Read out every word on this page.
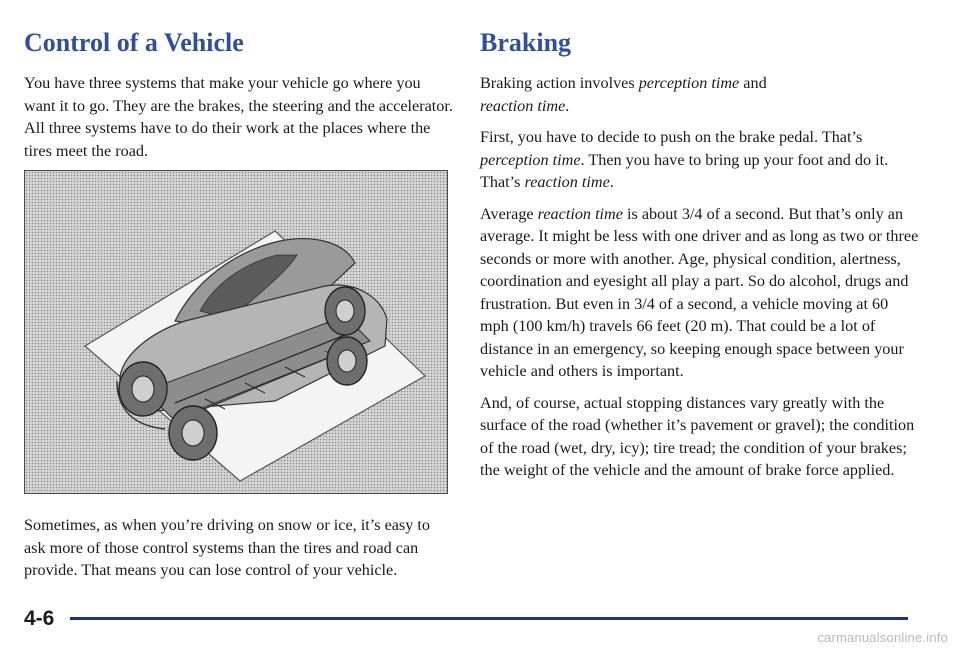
Control of a Vehicle

You have three systems that make your vehicle go where you want it to go. They are the brakes, the steering and the accelerator. All three systems have to do their work at the places where the tires meet the road.

Sometimes, as when you’re driving on snow or ice, it’s easy to ask more of those control systems than the tires and road can provide. That means you can lose control of your vehicle.

Braking

Braking action involves perception time and
reaction time.

First, you have to decide to push on the brake pedal. That’s perception time. Then you have to bring up your foot and do it. That’s reaction time.

Average reaction time is about 3/4 of a second. But that’s only an average. It might be less with one driver and as long as two or three seconds or more with another. Age, physical condition, alertness, coordination and eyesight all play a part. So do alcohol, drugs and frustration. But even in 3/4 of a second, a vehicle moving at 60 mph (100 km/h) travels 66 feet (20 m). That could be a lot of distance in an emergency, so keeping enough space between your vehicle and others is important.

And, of course, actual stopping distances vary greatly with the surface of the road (whether it’s pavement or gravel); the condition of the road (wet, dry, icy); tire tread; the condition of your brakes; the weight of the vehicle and the amount of brake force applied.

4-6
carmanualsonline.info
